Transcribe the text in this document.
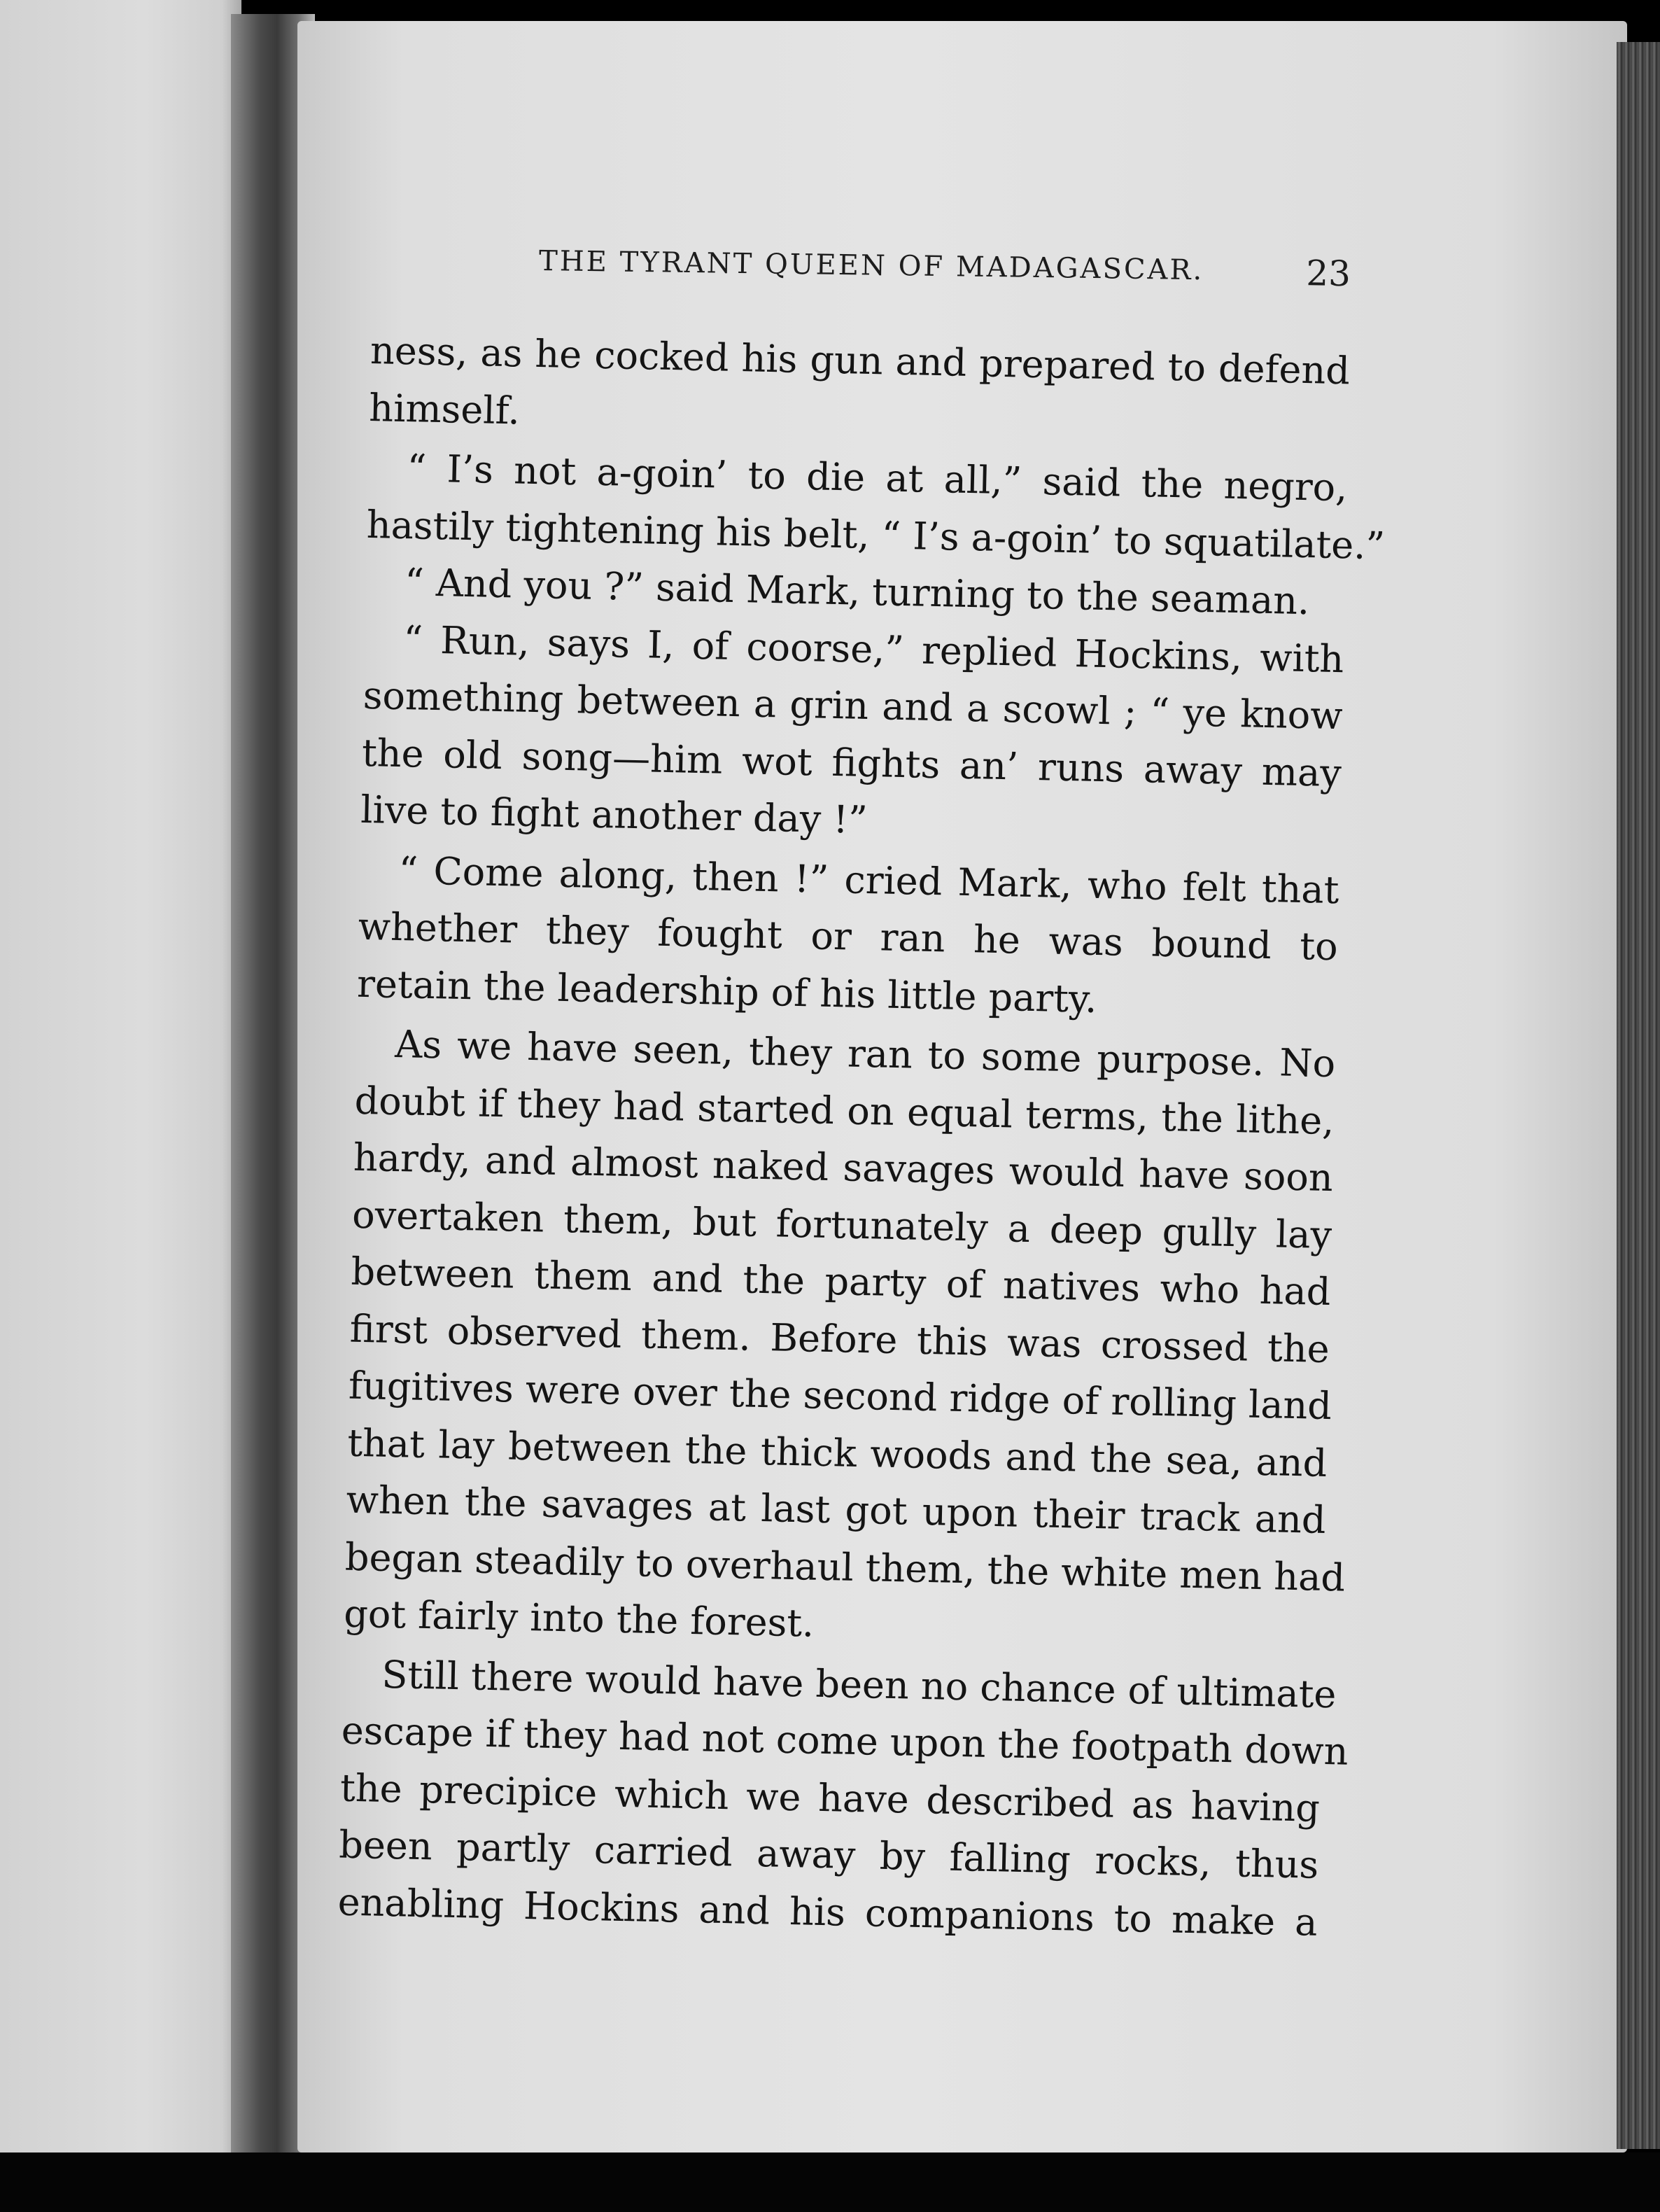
THE TYRANT QUEEN OF MADAGASCAR.	23
ness, as he cocked his gun and prepared to defend
himself.
“ I’s not a-goin’ to die at all,” said the negro,
hastily tightening his belt, “ I’s a-goin’ to squatilate.”
“ And you ?” said Mark, turning to the seaman.
“ Run, says I, of coorse,” replied Hockins, with
something between a grin and a scowl ; “ ye know
the old song—him wot fights an’ runs away may
live to fight another day !”
“ Come along, then !” cried Mark, who felt that
whether they fought or ran he was bound to
retain the leadership of his little party.
As we have seen, they ran to some purpose. No
doubt if they had started on equal terms, the lithe,
hardy, and almost naked savages would have soon
overtaken them, but fortunately a deep gully lay
between them and the party of natives who had
first observed them. Before this was crossed the
fugitives were over the second ridge of rolling land
that lay between the thick woods and the sea, and
when the savages at last got upon their track and
began steadily to overhaul them, the white men had
got fairly into the forest.
Still there would have been no chance of ultimate
escape if they had not come upon the footpath down
the precipice which we have described as having
been partly carried away by falling rocks, thus
enabling Hockins and his companions to make a
